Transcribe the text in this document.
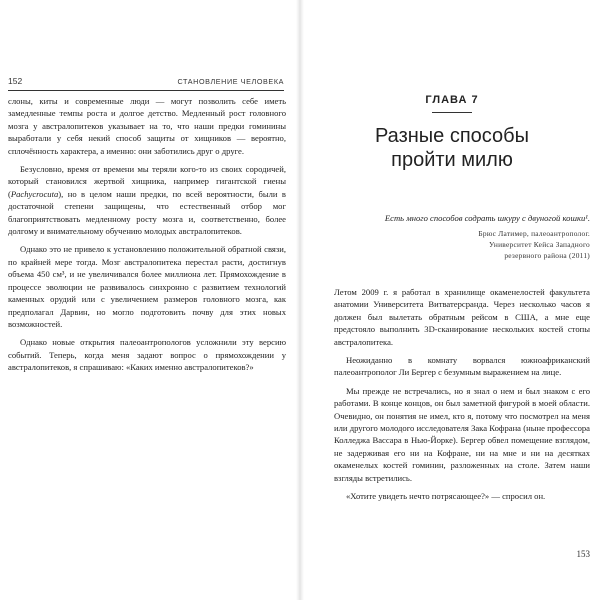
152	СТАНОВЛЕНИЕ ЧЕЛОВЕКА

слоны, киты и современные люди — могут позволить себе иметь замедленные темпы роста и долгое детство. Медленный рост головного мозга у австралопитеков указывает на то, что наши предки гоминины выработали у себя некий способ защиты от хищников — вероятно, сплочённость характера, а именно: они заботились друг о друге.

Безусловно, время от времени мы теряли кого-то из своих сородичей, который становился жертвой хищника, например гигантской гиены (Pachycrocuta), но в целом наши предки, по всей вероятности, были в достаточной степени защищены, что естественный отбор мог благоприятствовать медленному росту мозга и, соответственно, более долгому и внимательному обучению молодых австралопитеков.

Однако это не привело к установлению положительной обратной связи, по крайней мере тогда. Мозг австралопитека перестал расти, достигнув объема 450 см³, и не увеличивался более миллиона лет. Прямохождение в процессе эволюции не развивалось синхронно с развитием технологий каменных орудий или с увеличением размеров головного мозга, как предполагал Дарвин, но могло подготовить почву для этих новых возможностей.

Однако новые открытия палеоантропологов усложнили эту версию событий. Теперь, когда меня задают вопрос о прямохождении у австралопитеков, я спрашиваю: «Каких именно австралопитеков?»

ГЛАВА 7
Разные способы
пройти милю
Есть много способов содрать шкуру с двуногой кошки¹.
Брюс Латимер, палеоантрополог.
Университет Кейса Западного
резервного района (2011)

Летом 2009 г. я работал в хранилище окаменелостей факультета анатомии Университета Витватерсранда. Через несколько часов я должен был вылетать обратным рейсом в США, а мне еще предстояло выполнить 3D-сканирование нескольких костей стопы австралопитека.

Неожиданно в комнату ворвался южноафриканский палеоантрополог Ли Бергер с безумным выражением на лице.

Мы прежде не встречались, но я знал о нем и был знаком с его работами. В конце концов, он был заметной фигурой в моей области. Очевидно, он понятия не имел, кто я, потому что посмотрел на меня или другого молодого исследователя Зака Кофрана (ныне профессора Колледжа Вассара в Нью-Йорке). Бергер обвел помещение взглядом, не задерживая его ни на Кофране, ни на мне и ни на десятках окаменелых костей гоминин, разложенных на столе. Затем наши взгляды встретились.

«Хотите увидеть нечто потрясающее?» — спросил он.

153
